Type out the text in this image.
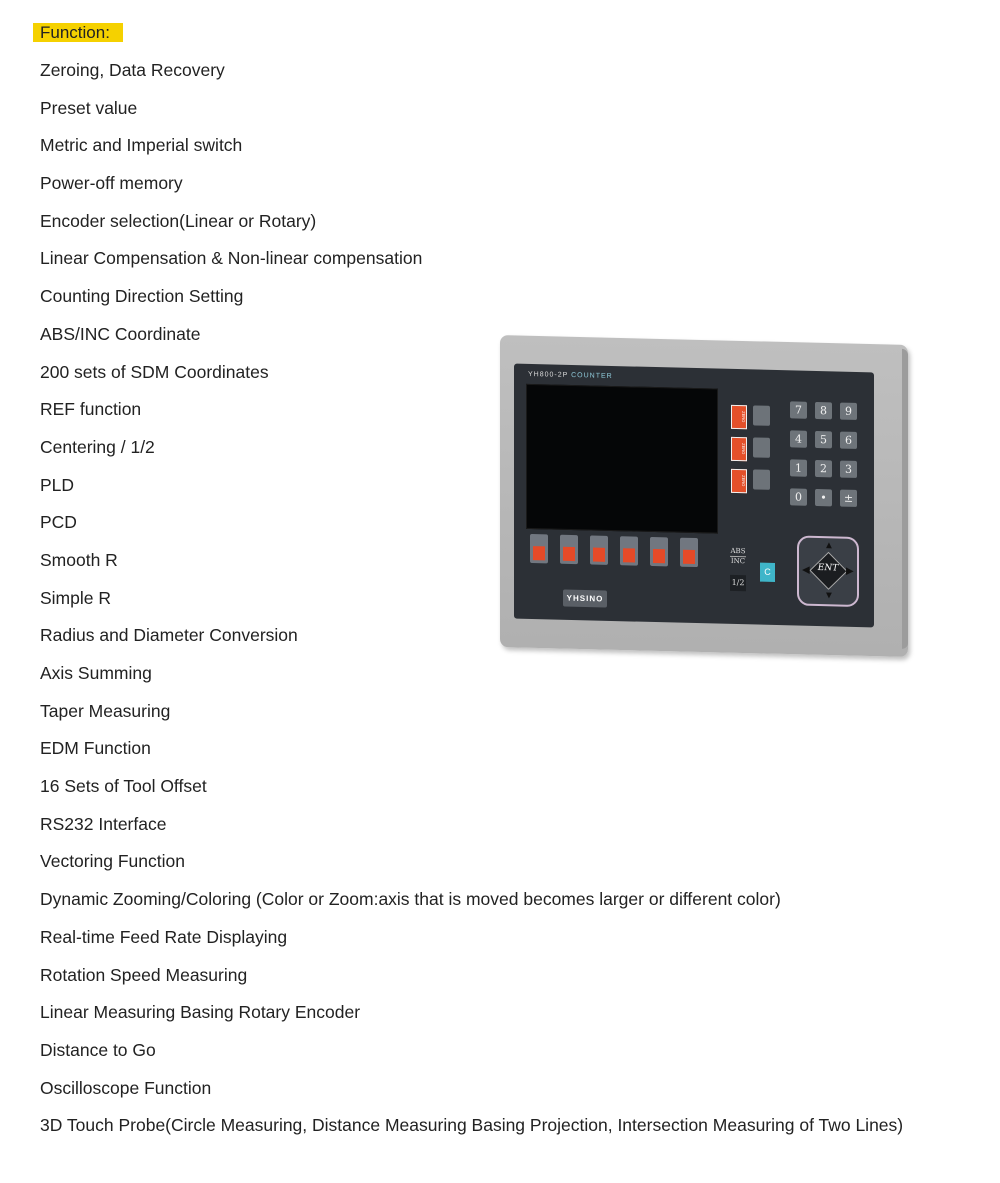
Function:
Zeroing, Data Recovery
Preset value
Metric and Imperial switch
Power-off memory
Encoder selection(Linear or Rotary)
Linear Compensation & Non-linear compensation
Counting Direction Setting
ABS/INC Coordinate
200 sets of SDM Coordinates
REF function
Centering / 1/2
PLD
PCD
Smooth R
Simple R
Radius and Diameter Conversion
Axis Summing
Taper Measuring
EDM Function
16 Sets of Tool Offset
RS232 Interface
Vectoring Function
Dynamic Zooming/Coloring (Color or Zoom:axis that is moved becomes larger or different color)
Real-time Feed Rate Displaying
Rotation Speed Measuring
Linear Measuring Basing Rotary Encoder
Distance to Go
Oscilloscope Function
3D Touch Probe(Circle Measuring, Distance Measuring Basing Projection, Intersection Measuring of Two Lines)
YH800-2P COUNTER
ZERO
ZERO
ZERO
7	8	9
4	5	6
1	2	3
0	•	±
ABS
INC
1/2
C	ENT
▲
▼
◀	▶
YHSINO
